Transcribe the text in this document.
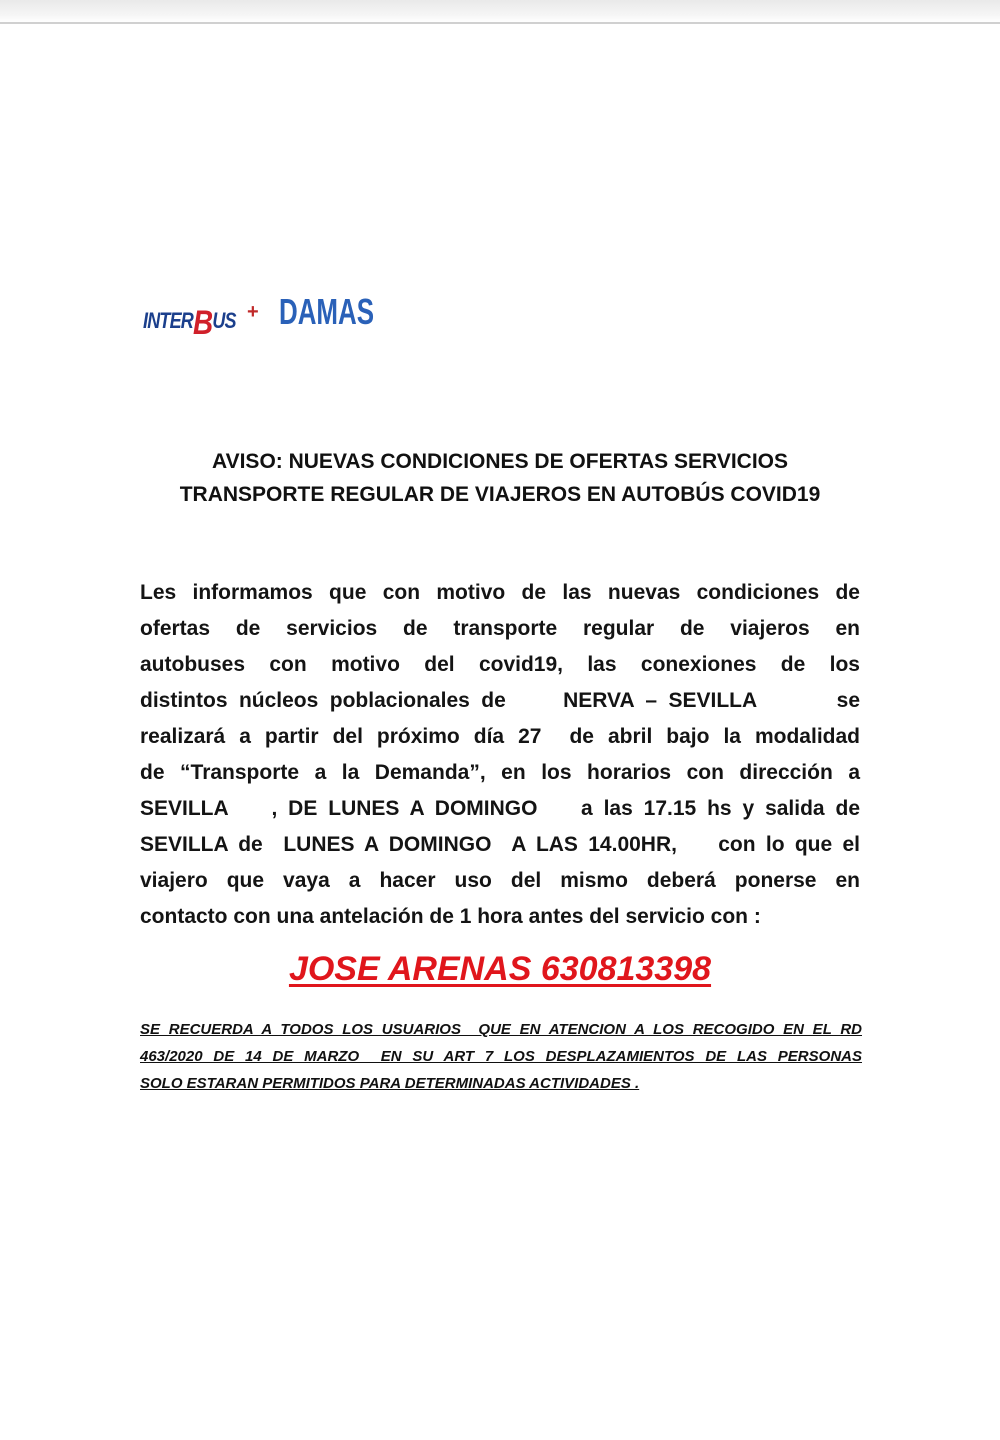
INTERBUS + DAMAS
AVISO: NUEVAS CONDICIONES DE OFERTAS SERVICIOS
TRANSPORTE REGULAR DE VIAJEROS EN AUTOBÚS COVID19
Les informamos que con motivo de las nuevas condiciones de
ofertas de servicios de transporte regular de viajeros en
autobuses con motivo del covid19, las conexiones de los
distintos núcleos poblacionales de     NERVA – SEVILLA       se
realizará a partir del próximo día 27  de abril bajo la modalidad
de “Transporte a la Demanda”, en los horarios con dirección a
SEVILLA    , DE LUNES A DOMINGO    a las 17.15 hs y salida de
SEVILLA de  LUNES A DOMINGO  A LAS 14.00HR,    con lo que el
viajero que vaya a hacer uso del mismo deberá ponerse en
contacto con una antelación de 1 hora antes del servicio con :
JOSE ARENAS 630813398
SE RECUERDA A TODOS LOS USUARIOS  QUE EN ATENCION A LOS RECOGIDO EN EL RD
463/2020 DE 14 DE MARZO  EN SU ART 7 LOS DESPLAZAMIENTOS DE LAS PERSONAS
SOLO ESTARAN PERMITIDOS PARA DETERMINADAS ACTIVIDADES .
